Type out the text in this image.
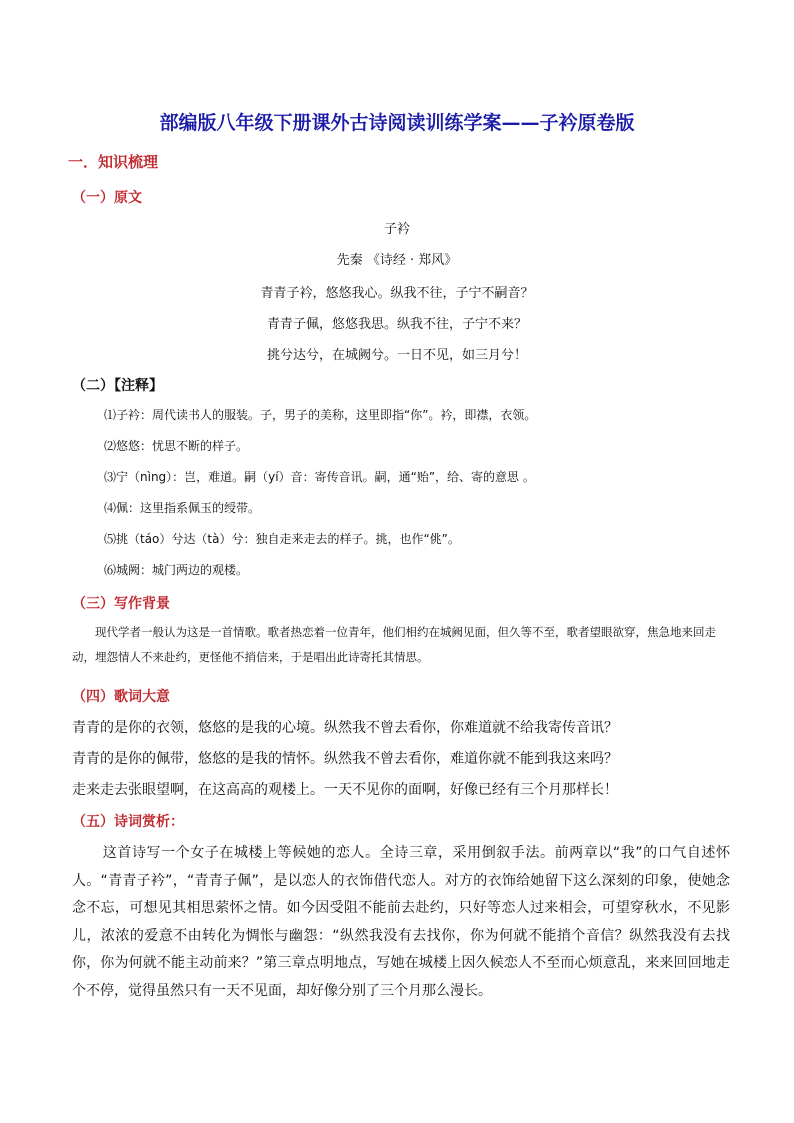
部编版八年级下册课外古诗阅读训练学案——子衿原卷版
一．知识梳理
（一）原文
子衿
先秦 《诗经 · 郑风》
青青子衿，悠悠我心。纵我不往，子宁不嗣音？
青青子佩，悠悠我思。纵我不往，子宁不来？
挑兮达兮，在城阙兮。一日不见，如三月兮！
（二）【注释】
⑴子衿：周代读书人的服装。子，男子的美称，这里即指“你”。衿，即襟，衣领。
⑵悠悠：忧思不断的样子。
⑶宁（nìng）：岂，难道。嗣（yí）音：寄传音讯。嗣，通“贻”，给、寄的意思 。
⑷佩：这里指系佩玉的绶带。
⑸挑（táo）兮达（tà）兮：独自走来走去的样子。挑，也作“佻”。
⑹城阙：城门两边的观楼。
（三）写作背景
现代学者一般认为这是一首情歌。歌者热恋着一位青年，他们相约在城阙见面，但久等不至，歌者望眼欲穿，焦急地来回走动，埋怨情人不来赴约，更怪他不捎信来，于是唱出此诗寄托其情思。
（四）歌词大意
青青的是你的衣领，悠悠的是我的心境。纵然我不曾去看你，你难道就不给我寄传音讯？
青青的是你的佩带，悠悠的是我的情怀。纵然我不曾去看你，难道你就不能到我这来吗？
走来走去张眼望啊，在这高高的观楼上。一天不见你的面啊，好像已经有三个月那样长！
（五）诗词赏析：
这首诗写一个女子在城楼上等候她的恋人。全诗三章，采用倒叙手法。前两章以“我”的口气自述怀人。“青青子衿”，“青青子佩”，是以恋人的衣饰借代恋人。对方的衣饰给她留下这么深刻的印象，使她念念不忘，可想见其相思萦怀之情。如今因受阻不能前去赴约，只好等恋人过来相会，可望穿秋水，不见影儿，浓浓的爱意不由转化为惆怅与幽怨：“纵然我没有去找你，你为何就不能捎个音信？纵然我没有去找你，你为何就不能主动前来？”第三章点明地点，写她在城楼上因久候恋人不至而心烦意乱，来来回回地走个不停，觉得虽然只有一天不见面，却好像分别了三个月那么漫长。
